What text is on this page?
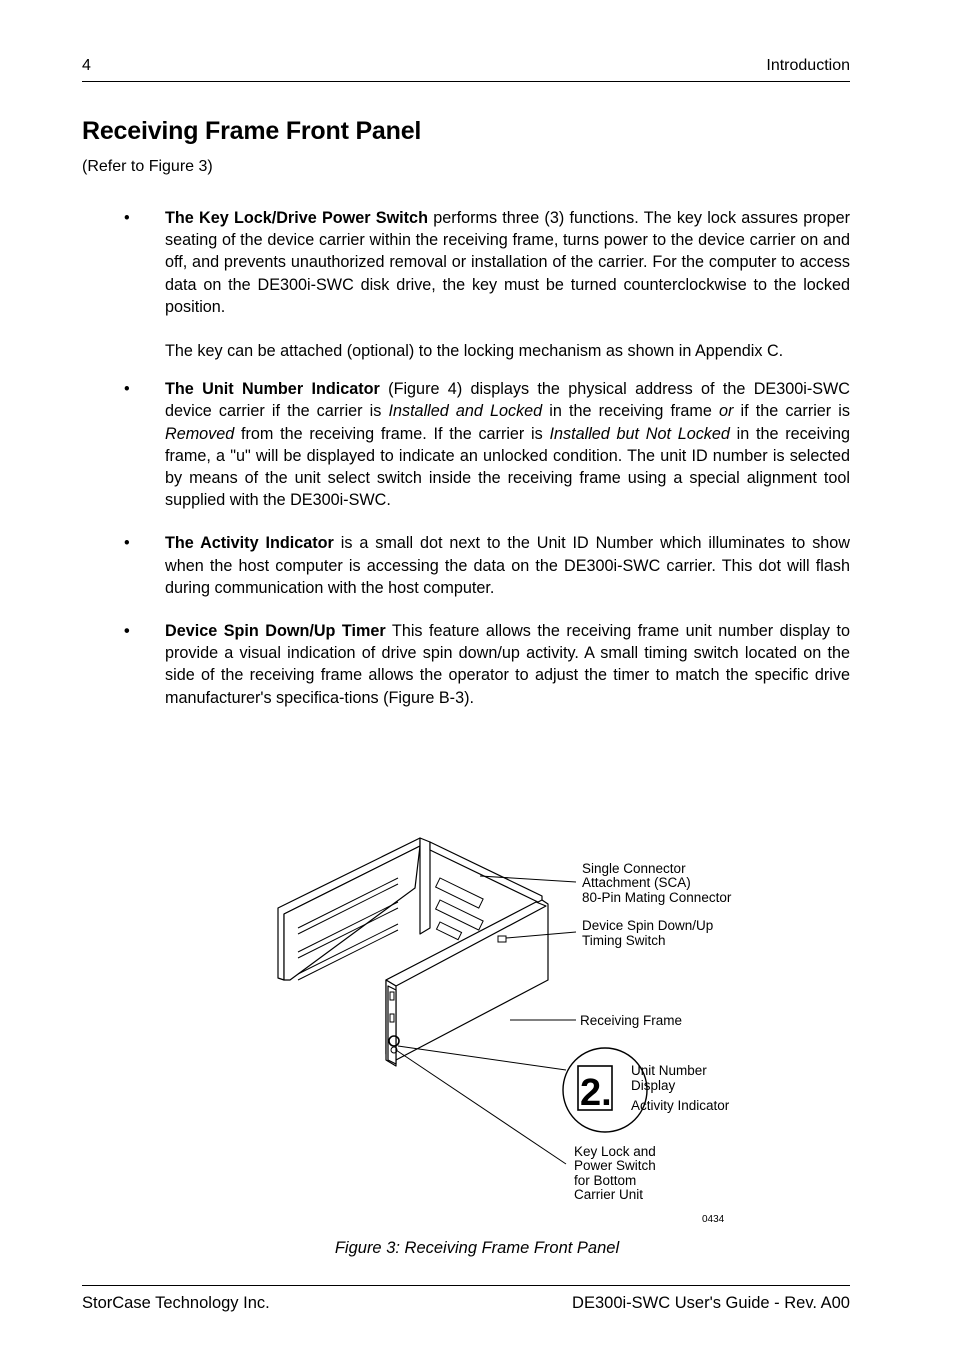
4	Introduction
Receiving Frame Front Panel
(Refer to Figure 3)
• The Key Lock/Drive Power Switch performs three (3) functions. The key lock assures proper seating of the device carrier within the receiving frame, turns power to the device carrier on and off, and prevents unauthorized removal or installation of the carrier. For the computer to access data on the DE300i-SWC disk drive, the key must be turned counterclockwise to the locked position.

The key can be attached (optional) to the locking mechanism as shown in Appendix C.

• The Unit Number Indicator (Figure 4) displays the physical address of the DE300i-SWC device carrier if the carrier is Installed and Locked in the receiving frame or if the carrier is Removed from the receiving frame. If the carrier is Installed but Not Locked in the receiving frame, a "u" will be displayed to indicate an unlocked condition. The unit ID number is selected by means of the unit select switch inside the receiving frame using a special alignment tool supplied with the DE300i-SWC.

• The Activity Indicator is a small dot next to the Unit ID Number which illuminates to show when the host computer is accessing the data on the DE300i-SWC carrier. This dot will flash during communication with the host computer.

• Device Spin Down/Up Timer This feature allows the receiving frame unit number display to provide a visual indication of drive spin down/up activity. A small timing switch located on the side of the receiving frame allows the operator to adjust the timer to match the specific drive manufacturer's specifica-tions (Figure B-3).

2.
Single Connector Attachment (SCA) 80-Pin Mating Connector
Device Spin Down/Up Timing Switch
Receiving Frame
Unit Number Display
Activity Indicator
Key Lock and Power Switch for Bottom Carrier Unit
0434
Figure 3: Receiving Frame Front Panel
StorCase Technology Inc.	DE300i-SWC User's Guide - Rev. A00
